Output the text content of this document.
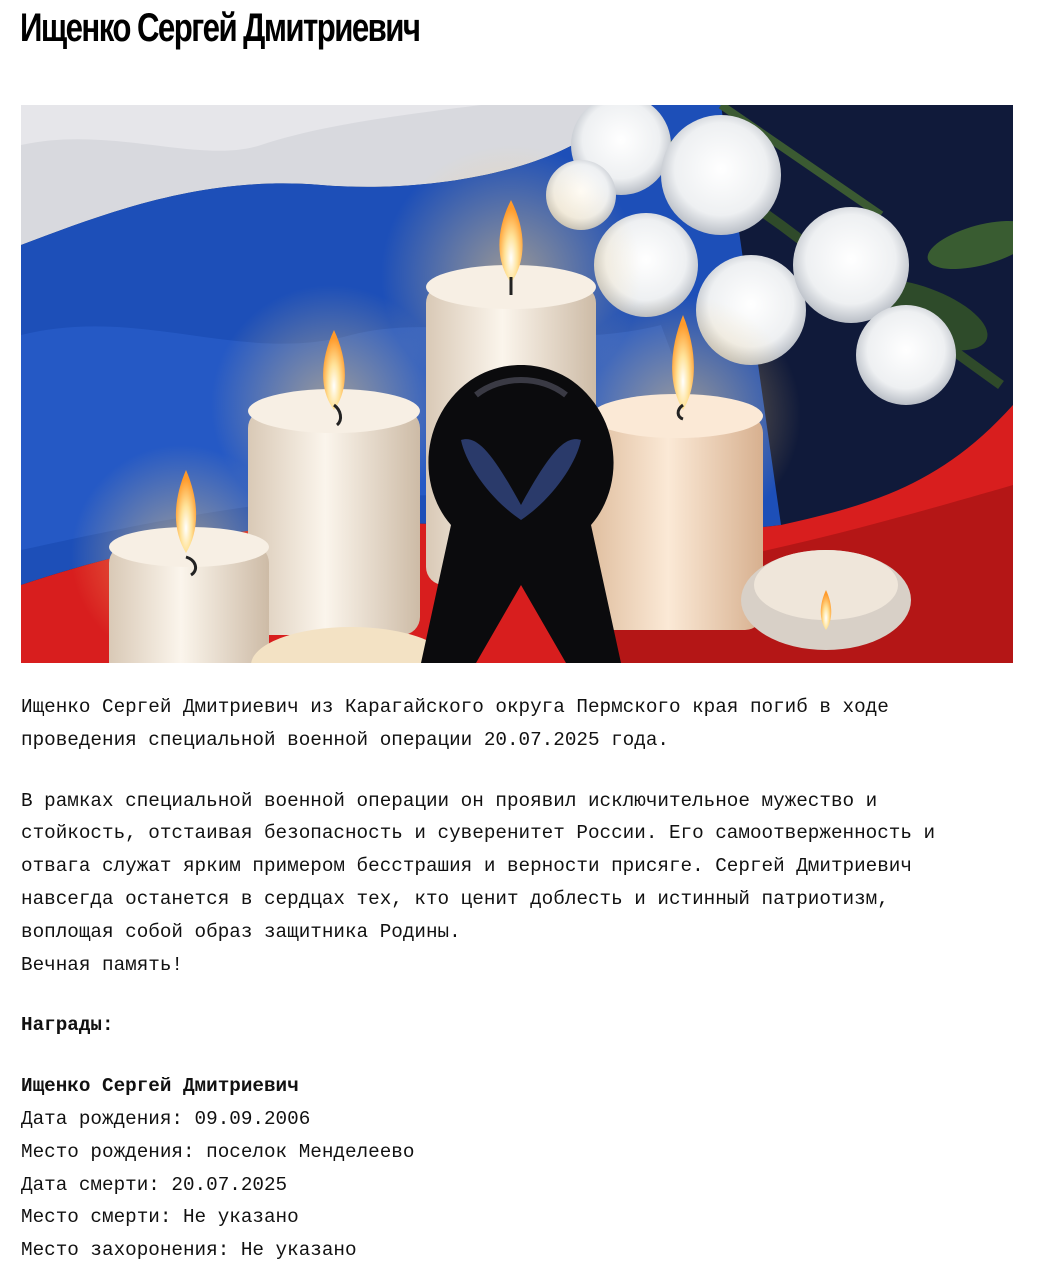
Ищенко Сергей Дмитриевич

Ищенко Сергей Дмитриевич из Карагайского округа Пермского края погиб в ходе
проведения специальной военной операции 20.07.2025 года.

В рамках специальной военной операции он проявил исключительное мужество и
стойкость, отстаивая безопасность и суверенитет России. Его самоотверженность и
отвага служат ярким примером бесстрашия и верности присяге. Сергей Дмитриевич
навсегда останется в сердцах тех, кто ценит доблесть и истинный патриотизм,
воплощая собой образ защитника Родины.

Вечная память!

Награды:

Ищенко Сергей Дмитриевич

Дата рождения: 09.09.2006

Место рождения: поселок Менделеево

Дата смерти: 20.07.2025

Место смерти: Не указано

Место захоронения: Не указано
